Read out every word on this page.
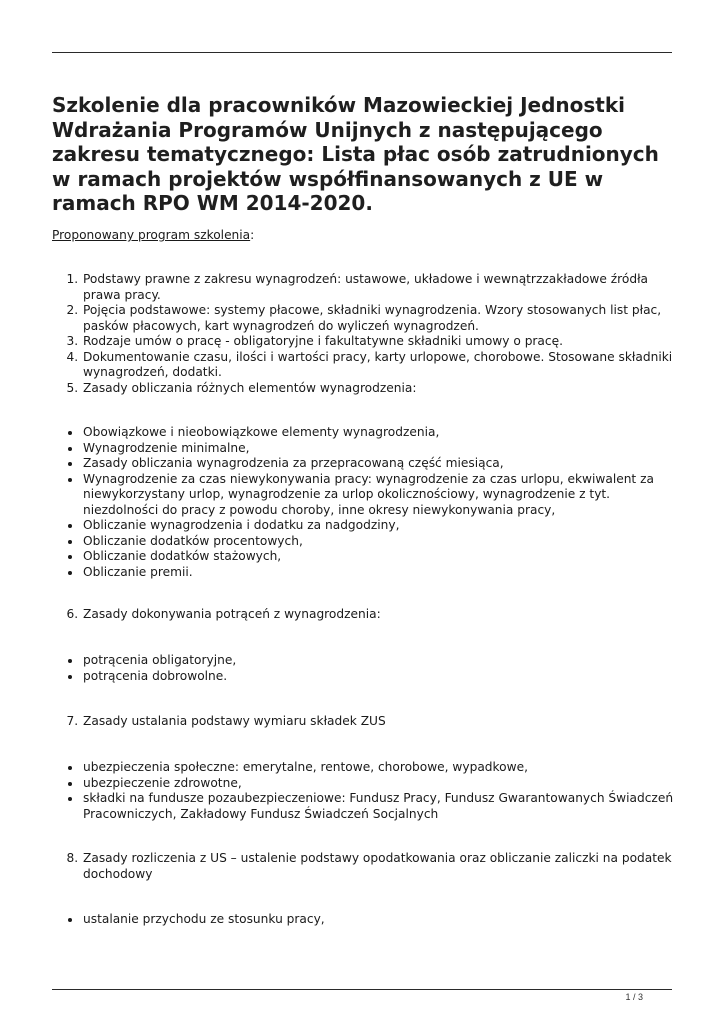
Szkolenie dla pracowników Mazowieckiej Jednostki Wdrażania Programów Unijnych z następującego zakresu tematycznego: Lista płac osób zatrudnionych w ramach projektów współfinansowanych z UE w ramach RPO WM 2014-2020.
Proponowany program szkolenia:
1. Podstawy prawne z zakresu wynagrodzeń: ustawowe, układowe i wewnątrzzakładowe źródła prawa pracy.
2. Pojęcia podstawowe: systemy płacowe, składniki wynagrodzenia. Wzory stosowanych list płac, pasków płacowych, kart wynagrodzeń do wyliczeń wynagrodzeń.
3. Rodzaje umów o pracę - obligatoryjne i fakultatywne składniki umowy o pracę.
4. Dokumentowanie czasu, ilości i wartości pracy, karty urlopowe, chorobowe. Stosowane składniki wynagrodzeń, dodatki.
5. Zasady obliczania różnych elementów wynagrodzenia:
• Obowiązkowe i nieobowiązkowe elementy wynagrodzenia,
• Wynagrodzenie minimalne,
• Zasady obliczania wynagrodzenia za przepracowaną część miesiąca,
• Wynagrodzenie za czas niewykonywania pracy: wynagrodzenie za czas urlopu, ekwiwalent za niewykorzystany urlop, wynagrodzenie za urlop okolicznościowy, wynagrodzenie z tyt. niezdolności do pracy z powodu choroby, inne okresy niewykonywania pracy,
• Obliczanie wynagrodzenia i dodatku za nadgodziny,
• Obliczanie dodatków procentowych,
• Obliczanie dodatków stażowych,
• Obliczanie premii.
6. Zasady dokonywania potrąceń z wynagrodzenia:
• potrącenia obligatoryjne,
• potrącenia dobrowolne.
7. Zasady ustalania podstawy wymiaru składek ZUS
• ubezpieczenia społeczne: emerytalne, rentowe, chorobowe, wypadkowe,
• ubezpieczenie zdrowotne,
• składki na fundusze pozaubezpieczeniowe: Fundusz Pracy, Fundusz Gwarantowanych Świadczeń Pracowniczych, Zakładowy Fundusz Świadczeń Socjalnych
8. Zasady rozliczenia z US – ustalenie podstawy opodatkowania oraz obliczanie zaliczki na podatek dochodowy
• ustalanie przychodu ze stosunku pracy,
1 / 3
